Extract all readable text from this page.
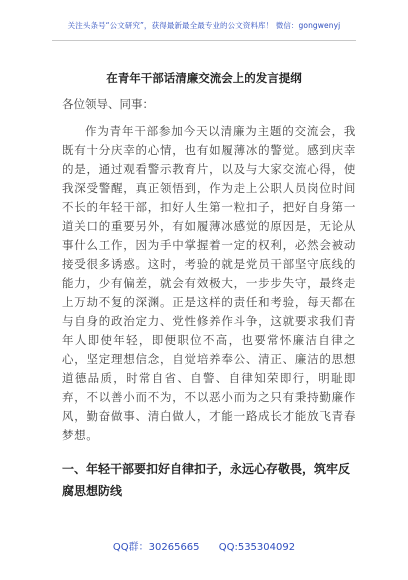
关注头条号“公文研究”，获得最新最全最专业的公文资料库！ 微信：gongwenyj
在青年干部话清廉交流会上的发言提纲
各位领导、同事：

作为青年干部参加今天以清廉为主题的交流会，我既有十分庆幸的心情，也有如履薄冰的警觉。感到庆幸的是，通过观看警示教育片，以及与大家交流心得，使我深受警醒，真正领悟到，作为走上公职人员岗位时间不长的年轻干部，扣好人生第一粒扣子，把好自身第一道关口的重要另外，有如履薄冰感觉的原因是，无论从事什么工作，因为手中掌握着一定的权利，必然会被动接受很多诱惑。这时，考验的就是党员干部坚守底线的能力，少有偏差，就会有效极大，一步步失守，最终走上万劫不复的深渊。正是这样的责任和考验，每天都在与自身的政治定力、党性修养作斗争，这就要求我们青年人即使年轻，即便职位不高，也要常怀廉洁自律之心，坚定理想信念，自觉培养奉公、清正、廉洁的思想道德品质，时常自省、自警、自律知荣即行，明耻即弃，不以善小而不为，不以恶小而为之只有秉持勤廉作风，勤奋做事、清白做人，才能一路成长才能放飞青春梦想。

一、年轻干部要扣好自律扣子，永远心存敬畏，筑牢反腐思想防线

QQ群：30265665 QQ:535304092
